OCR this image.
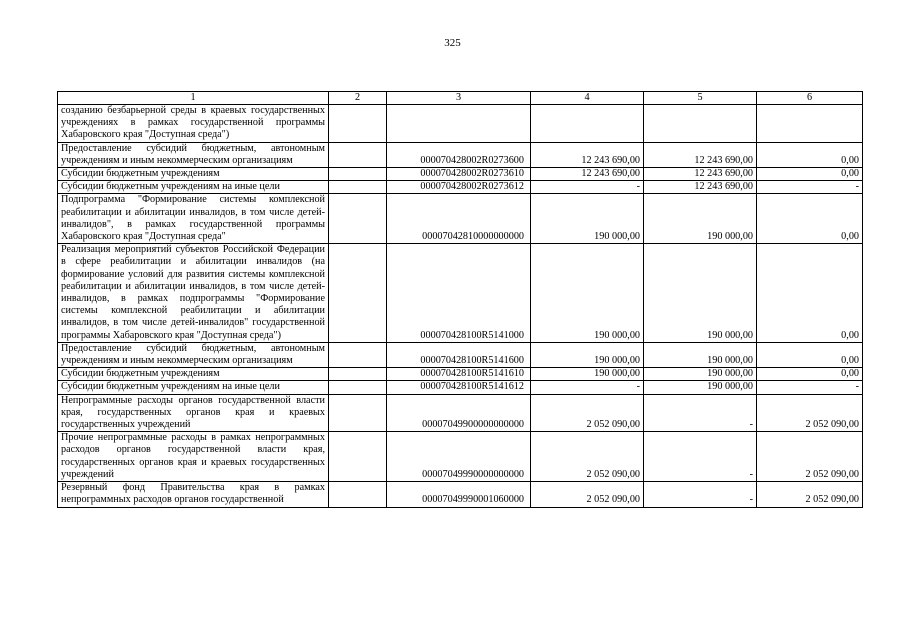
325
1	2	3	4	5	6
созданию безбарьерной среды в краевых государственных учреждениях в рамках государственной программы Хабаровского края "Доступная среда")					
Предоставление субсидий бюджетным, автономным учреждениям и иным некоммерческим организациям		000070428002R0273600	12 243 690,00	12 243 690,00	0,00
Субсидии бюджетным учреждениям		000070428002R0273610	12 243 690,00	12 243 690,00	0,00
Субсидии бюджетным учреждениям на иные цели		000070428002R0273612	-	12 243 690,00	-
Подпрограмма "Формирование системы комплексной реабилитации и абилитации инвалидов, в том числе детей-инвалидов", в рамках государственной программы Хабаровского края "Доступная среда"		00007042810000000000	190 000,00	190 000,00	0,00
Реализация мероприятий субъектов Российской Федерации в сфере реабилитации и абилитации инвалидов (на формирование условий для развития системы комплексной реабилитации и абилитации инвалидов, в том числе детей-инвалидов, в рамках подпрограммы "Формирование системы комплексной реабилитации и абилитации инвалидов, в том числе детей-инвалидов" государственной программы Хабаровского края "Доступная среда")		000070428100R5141000	190 000,00	190 000,00	0,00
Предоставление субсидий бюджетным, автономным учреждениям и иным некоммерческим организациям		000070428100R5141600	190 000,00	190 000,00	0,00
Субсидии бюджетным учреждениям		000070428100R5141610	190 000,00	190 000,00	0,00
Субсидии бюджетным учреждениям на иные цели		000070428100R5141612	-	190 000,00	-
Непрограммные расходы органов государственной власти края, государственных органов края и краевых государственных учреждений		00007049900000000000	2 052 090,00	-	2 052 090,00
Прочие непрограммные расходы в рамках непрограммных расходов органов государственной власти края, государственных органов края и краевых государственных учреждений		00007049990000000000	2 052 090,00	-	2 052 090,00
Резервный фонд Правительства края в рамках непрограммных расходов органов государственной		00007049990001060000	2 052 090,00	-	2 052 090,00
